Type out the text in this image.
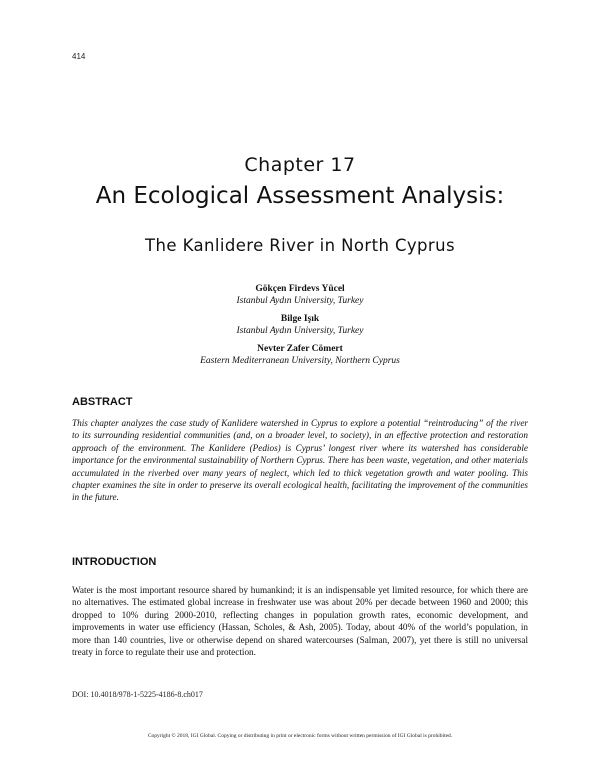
414
Chapter 17
An Ecological Assessment Analysis:
The Kanlidere River in North Cyprus
Gökçen Firdevs Yücel
Istanbul Aydın University, Turkey
Bilge Işık
Istanbul Aydın University, Turkey
Nevter Zafer Cömert
Eastern Mediterranean University, Northern Cyprus
ABSTRACT
This chapter analyzes the case study of Kanlidere watershed in Cyprus to explore a potential “reintroducing” of the river to its surrounding residential communities (and, on a broader level, to society), in an effective protection and restoration approach of the environment. The Kanlidere (Pedios) is Cyprus’ longest river where its watershed has considerable importance for the environmental sustainability of Northern Cyprus. There has been waste, vegetation, and other materials accumulated in the riverbed over many years of neglect, which led to thick vegetation growth and water pooling. This chapter examines the site in order to preserve its overall ecological health, facilitating the improvement of the communities in the future.
INTRODUCTION
Water is the most important resource shared by humankind; it is an indispensable yet limited resource, for which there are no alternatives. The estimated global increase in freshwater use was about 20% per decade between 1960 and 2000; this dropped to 10% during 2000-2010, reflecting changes in population growth rates, economic development, and improvements in water use efficiency (Hassan, Scholes, & Ash, 2005). Today, about 40% of the world’s population, in more than 140 countries, live or otherwise depend on shared watercourses (Salman, 2007), yet there is still no universal treaty in force to regulate their use and protection.
DOI: 10.4018/978-1-5225-4186-8.ch017
Copyright © 2018, IGI Global. Copying or distributing in print or electronic forms without written permission of IGI Global is prohibited.
